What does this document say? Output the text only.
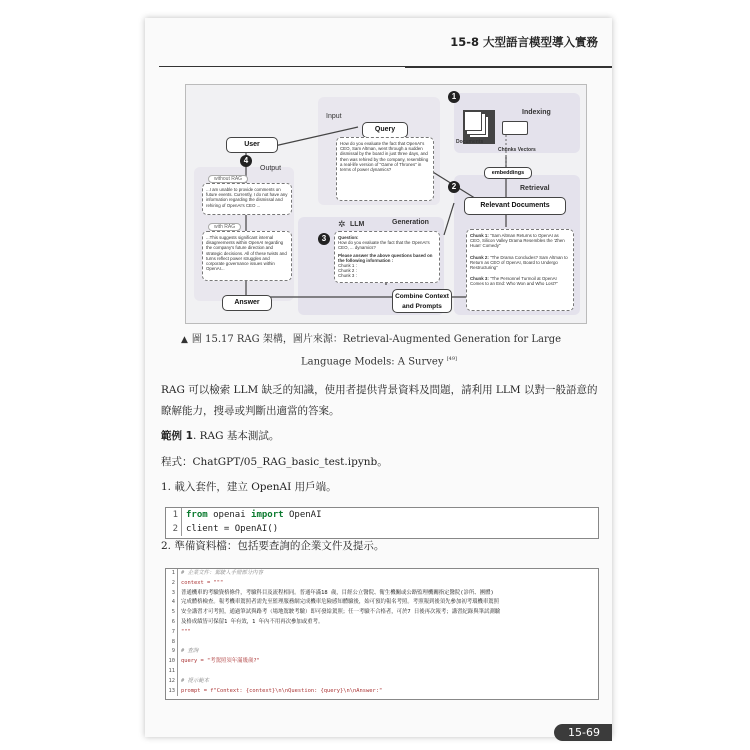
15-8 大型語言模型導入實務
Input
Output
Indexing
Retrieval
Generation
User
Query
How do you evaluate the fact that OpenAI's CEO, Sam Altman, went through a sudden dismissal by the board in just three days, and then was rehired by the company, resembling a real-life version of "Game of Thrones" in terms of power dynamics?
Documents
Chunks Vectors
embeddings
Relevant Documents
Chunk 1: "Sam Altman Returns to OpenAI as CEO, Silicon Valley Drama Resembles the 'Zhen Huan' Comedy"
Chunk 2: "The Drama Concludes? Sam Altman to Return as CEO of OpenAI, Board to Undergo Restructuring"
Chunk 3: "The Personnel Turmoil at OpenAI Comes to an End: Who Won and Who Lost?"
✲ LLM
Question:
How do you evaluate the fact that the OpenAI's CEO, ... dynamics?
Please answer the above questions based on the following information :
Chunk 1 :
Chunk 2 :
Chunk 3 :
Combine Context and Prompts
Answer
without RAG
...I am unable to provide comments on future events. Currently, I do not have any information regarding the dismissal and rehiring of OpenAI's CEO ...
with RAG
...This suggests significant internal disagreements within OpenAI regarding the company's future direction and strategic decisions. All of these twists and turns reflect power struggles and corporate governance issues within OpenAI...
1
2
3
4
▲ 圖 15.17 RAG 架構，圖片來源：Retrieval-Augmented Generation for Large
Language Models: A Survey [49]
RAG 可以檢索 LLM 缺乏的知識，使用者提供背景資料及問題，請利用 LLM 以對一般語意的瞭解能力，搜尋或判斷出適當的答案。
範例 1. RAG 基本測試。
程式：ChatGPT/05_RAG_basic_test.ipynb。
1. 載入套件，建立 OpenAI 用戶端。
1 from openai import OpenAI
2 client = OpenAI()
2. 準備資料檔：包括要查詢的企業文件及提示。
1	# 企業文件：駕駛人手冊部分內容
2	context = """
3	普通機車的考驗資格條件，考驗科目及流程相同。普通年滿18 歲，目經公立醫院、衛生機關或公路監理機關指定醫院(診所、團體)
4	完成體格檢查。報考機車駕照者需先至監理服務網完成機車危險感知體驗後，始可預約報名考照。考照報到後須先參加初考環機車駕照
5	安全講習才可考照，通過筆試與路考（場地駕駛考驗）即可發給駕照；任一考驗不合格者，可於7 日後再次報考；講習紀錄與筆試測驗
6	及格成績皆可保留1 年有效，1 年內不用再次參加或重考。
7	"""
8
9	# 查詢
10	query = "考駕照須年滿幾歲?"
11
12	# 提示範本
13	prompt = f"Context: {context}\n\nQuestion: {query}\n\nAnswer:"
15-69
